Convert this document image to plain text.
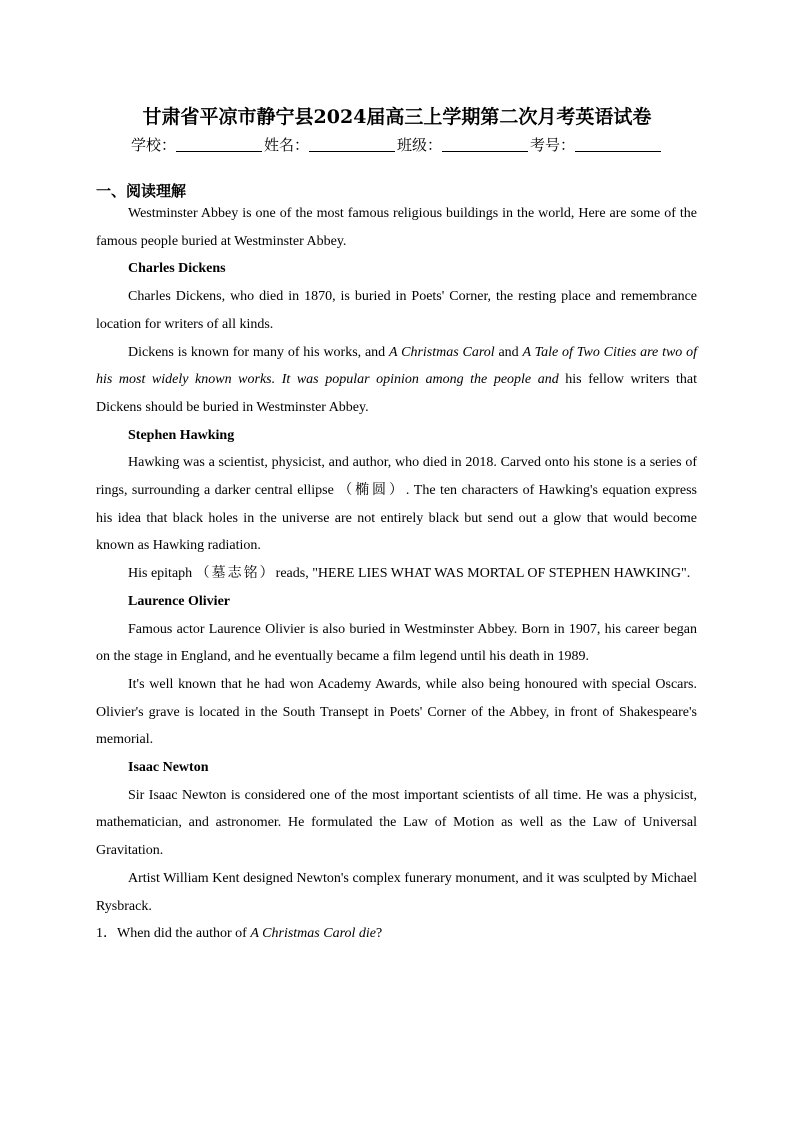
甘肃省平凉市静宁县2024届高三上学期第二次月考英语试卷
学校：	姓名：	班级：	考号：
一、阅读理解

Westminster Abbey is one of the most famous religious buildings in the world, Here are some of the famous people buried at Westminster Abbey.

Charles Dickens

Charles Dickens, who died in 1870, is buried in Poets' Corner, the resting place and remembrance location for writers of all kinds.

Dickens is known for many of his works, and A Christmas Carol and A Tale of Two Cities are two of his most widely known works. It was popular opinion among the people and his fellow writers that Dickens should be buried in Westminster Abbey.

Stephen Hawking

Hawking was a scientist, physicist, and author, who died in 2018. Carved onto his stone is a series of rings, surrounding a darker central ellipse （椭圆）. The ten characters of Hawking's equation express his idea that black holes in the universe are not entirely black but send out a glow that would become known as Hawking radiation.

His epitaph （墓志铭）reads, "HERE LIES WHAT WAS MORTAL OF STEPHEN HAWKING".

Laurence Olivier

Famous actor Laurence Olivier is also buried in Westminster Abbey. Born in 1907, his career began on the stage in England, and he eventually became a film legend until his death in 1989.

It's well known that he had won Academy Awards, while also being honoured with special Oscars. Olivier's grave is located in the South Transept in Poets' Corner of the Abbey, in front of Shakespeare's memorial.

Isaac Newton

Sir Isaac Newton is considered one of the most important scientists of all time. He was a physicist, mathematician, and astronomer. He formulated the Law of Motion as well as the Law of Universal Gravitation.

Artist William Kent designed Newton's complex funerary monument, and it was sculpted by Michael Rysbrack.

1．When did the author of A Christmas Carol die?
